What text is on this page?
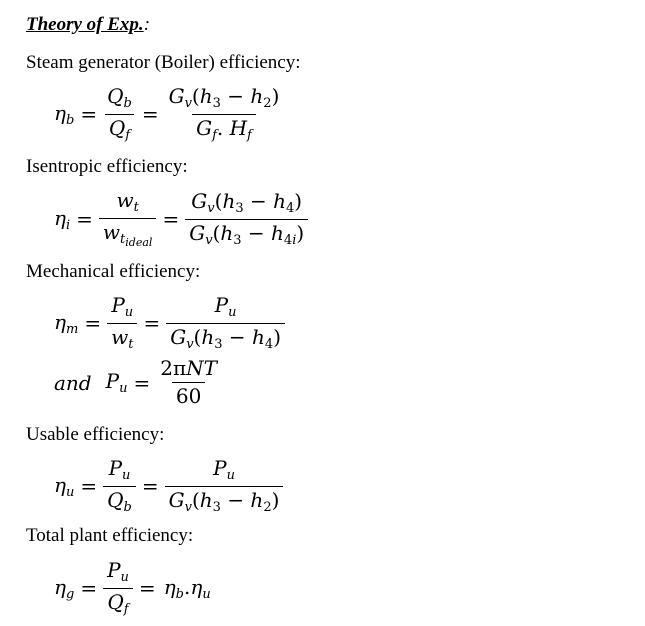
Theory of Exp.:
Steam generator (Boiler) efficiency:
$\eta_b = \frac{Q_b}{Q_f} = \frac{G_v(h_3 - h_2)}{G_f. H_f}$
Isentropic efficiency:
$\eta_i = \frac{w_t}{w_{t_{ideal}}} = \frac{G_v(h_3 - h_4)}{G_v(h_3 - h_{4i})}$
Mechanical efficiency:
$\eta_m = \frac{P_u}{w_t} = \frac{P_u}{G_v(h_3 - h_4)}$
and $P_u = \frac{\text{2πNT}}{60}$
Usable efficiency:
$\eta_u = \frac{P_u}{Q_b} = \frac{P_u}{G_v(h_3 - h_2)}$
Total plant efficiency:
$\eta_g = \frac{P_u}{Q_f} = \eta_b.\eta_u$
